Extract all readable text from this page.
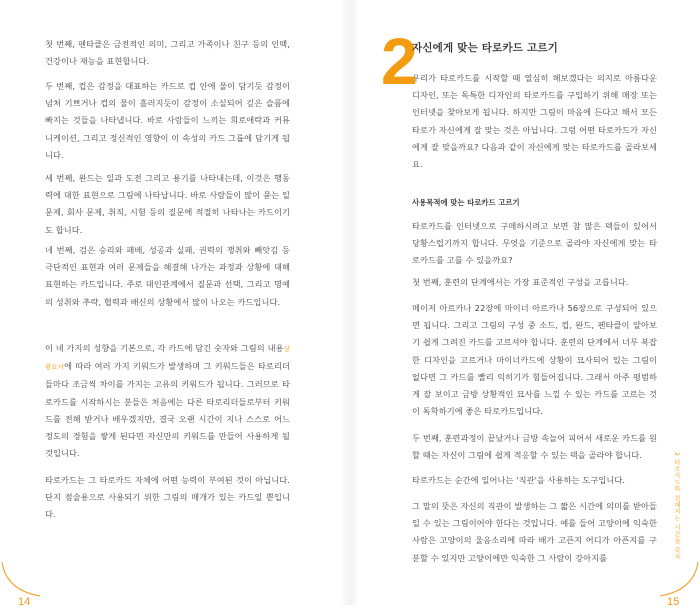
첫 번째, 펜타클은 금전적인 의미, 그리고 가족이나 친구 등의 인맥, 건강이나 재능을 표현합니다.

두 번째, 컵은 감정을 대표하는 카드로 컵 안에 물이 담기듯 감정이 넘쳐 기쁘거나 컵의 물이 흘러지듯이 감정이 소실되어 깊은 슬픔에 빠지는 것들을 나타냅니다. 바로 사람들이 느끼는 희로애락과 커뮤니케이션, 그리고 정신적인 영향이 이 속성의 카드 그룹에 담기게 됩니다.

세 번째, 완드는 일과 도전 그리고 용기를 나타내는데, 이것은 행동력에 대한 표현으로 그림에 나타납니다. 바로 사람들이 많이 묻는 일 문제, 회사 문제, 취직, 시험 등의 질문에 적절히 나타나는 카드이기도 합니다.

네 번째, 검은 승리와 패배, 성공과 실패, 권력의 쟁취와 빼앗김 등 극단적인 표현과 여러 문제들을 해결해 나가는 과정과 상황에 대해 표현하는 카드입니다. 주로 대인관계에서 질문과 선택, 그리고 명예의 성취와 추락, 협력과 배신의 상황에서 많이 나오는 카드입니다.

이 네 가지의 성향을 기본으로, 각 카드에 담긴 숫자와 그림의 내용상황묘사에 따라 여러 가지 키워드가 발생하며 그 키워드들은 타로리더들마다 조금씩 차이를 가지는 고유의 키워드가 됩니다. 그러므로 타로카드를 시작하시는 분들은 처음에는 다른 타로리더들로부터 키워드를 전해 받거나 배우겠지만, 결국 오랜 시간이 지나 스스로 어느 정도의 경험을 쌓게 된다면 자신만의 키워드를 만들어 사용하게 될 것입니다.

타로카드는 그 타로카드 자체에 어떤 능력이 부여된 것이 아닙니다. 단지 점술용으로 사용되기 위한 그림의 매개가 있는 카드일 뿐입니다.

우리가 타로카드를 시작할 때 열심히 해보겠다는 의지로 아름다운 디자인, 또는 독특한 디자인의 타로카드를 구입하기 위해 매장 또는 인터넷을 찾아보게 됩니다. 하지만 그림이 마음에 든다고 해서 모든 타로가 자신에게 잘 맞는 것은 아닙니다. 그럼 어떤 타로카드가 자신에게 잘 맞을까요? 다음과 같이 자신에게 맞는 타로카드를 골라보세요.

타로카드를 인터넷으로 구매하시려고 보면 참 많은 덱들이 있어서 당황스럽기까지 합니다. 무엇을 기준으로 골라야 자신에게 맞는 타로카드를 고를 수 있을까요?

첫 번째, 훈련의 단계에서는 가장 표준적인 구성을 고릅니다.

메이저 아르카나 22장에 마이너 아르카나 56장으로 구성되어 있으면 됩니다. 그리고 그림의 구성 중 소드, 컵, 완드, 펜타클이 알아보기 쉽게 그려진 카드를 고르셔야 합니다. 훈련의 단계에서 너무 복잡한 디자인을 고르거나 마이너카드에 상황이 묘사되어 있는 그림이 없다면 그 카드를 빨리 익히기가 힘들어집니다. 그래서 아주 평범하게 잘 보이고 금방 상황적인 묘사를 느낄 수 있는 카드를 고르는 것이 독학하기에 좋은 타로카드입니다.

두 번째, 훈련과정이 끝났거나 금방 속늘어 피어서 새로운 카드를 원할 때는 자신이 그림에 쉽게 적응할 수 있는 덱을 골라야 합니다.

타로카드는 순간에 일어나는 '직관'을 사용하는 도구입니다.

그 말의 뜻은 자신의 직관이 발생하는 그 짧은 시간에 의미를 받아들일 수 있는 그림이어야 한다는 것입니다. 예를 들어 고양이에 익숙한 사람은 고양이의 울음소리에 따라 배가 고픈지 어디가 아픈지를 구분할 수 있지만 고양이에만 익숙한 그 사람이 강아지를

2
자신에게 맞는 타로카드 고르기
사용목적에 맞는 타로카드 고르기
2 타로카드와 친해지는 시간을 갖자
14	15
